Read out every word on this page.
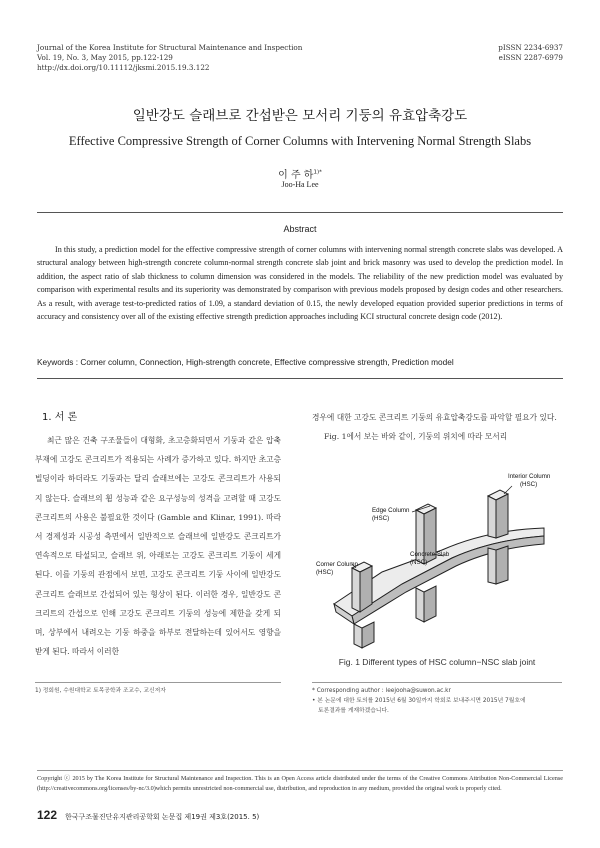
Journal of the Korea Institute for Structural Maintenance and Inspection
Vol. 19, No. 3, May 2015, pp.122-129
http://dx.doi.org/10.11112/jksmi.2015.19.3.122
pISSN 2234-6937
eISSN 2287-6979
일반강도 슬래브로 간섭받은 모서리 기둥의 유효압축강도
Effective Compressive Strength of Corner Columns with Intervening Normal Strength Slabs
이 주 하$^{1)*}$
Joo-Ha Lee
Abstract
In this study, a prediction model for the effective compressive strength of corner columns with intervening normal strength concrete slabs was developed. A structural analogy between high-strength concrete column-normal strength concrete slab joint and brick masonry was used to develop the prediction model. In addition, the aspect ratio of slab thickness to column dimension was considered in the models. The reliability of the new prediction model was evaluated by comparison with experimental results and its superiority was demonstrated by comparison with previous models proposed by design codes and other researchers. As a result, with average test-to-predicted ratios of 1.09, a standard deviation of 0.15, the newly developed equation provided superior predictions in terms of accuracy and consistency over all of the existing effective strength prediction approaches including KCI structural concrete design code (2012).
Keywords : Corner column, Connection, High-strength concrete, Effective compressive strength, Prediction model
1. 서 론

최근 많은 건축 구조물들이 대형화, 초고층화되면서 기둥과 같은 압축부재에 고강도 콘크리트가 적용되는 사례가 증가하고 있다. 하지만 초고층 빌딩이라 하더라도 기둥과는 달리 슬래브에는 고강도 콘크리트가 사용되지 않는다. 슬래브의 휨 성능과 같은 요구성능의 성격을 고려할 때 고강도 콘크리트의 사용은 불필요한 것이다 (Gamble and Klinar, 1991). 따라서 경제성과 시공성 측면에서 일반적으로 슬래브에 일반강도 콘크리트가 연속적으로 타설되고, 슬래브 위, 아래로는 고강도 콘크리트 기둥이 세게 된다. 이를 기둥의 관점에서 보면, 고강도 콘크리트 기둥 사이에 일반강도 콘크리트 슬래브로 간섭되어 있는 형상이 된다. 이러한 경우, 일반강도 콘크리트의 간섭으로 인해 고강도 콘크리트 기둥의 성능에 제한을 갖게 되며, 상부에서 내려오는 기둥 하중을 하부로 전달하는데 있어서도 영향을 받게 된다. 따라서 이러한

경우에 대한 고강도 콘크리트 기둥의 유효압축강도를 파악할 필요가 있다.

Fig. 1에서 보는 바와 같이, 기둥의 위치에 따라 모서리

Interior Column
(HSC)
Edge Column
(HSC)
Concrete Slab
(NSC)
Corner Column
(HSC)
Fig. 1 Different types of HSC column−NSC slab joint
1) 정회원, 수원대학교 토목공학과 조교수, 교신저자	* Corresponding author : leejooha@suwon.ac.kr
• 본 논문에 대한 토의를 2015년 6월 30일까지 학회로 보내주시면 2015년 7월호에
토론결과를 게재하겠습니다.
Copyright ⓒ 2015 by The Korea Institute for Structural Maintenance and Inspection. This is an Open Access article distributed under the terms of the Creative Commons Attribution Non-Commercial License (http://creativecommons.org/licenses/by-nc/3.0)which permits unrestricted non-commercial use, distribution, and reproduction in any medium, provided the original work is properly cited.
122 한국구조물진단유지관리공학회 논문집 제19권 제3호(2015. 5)
